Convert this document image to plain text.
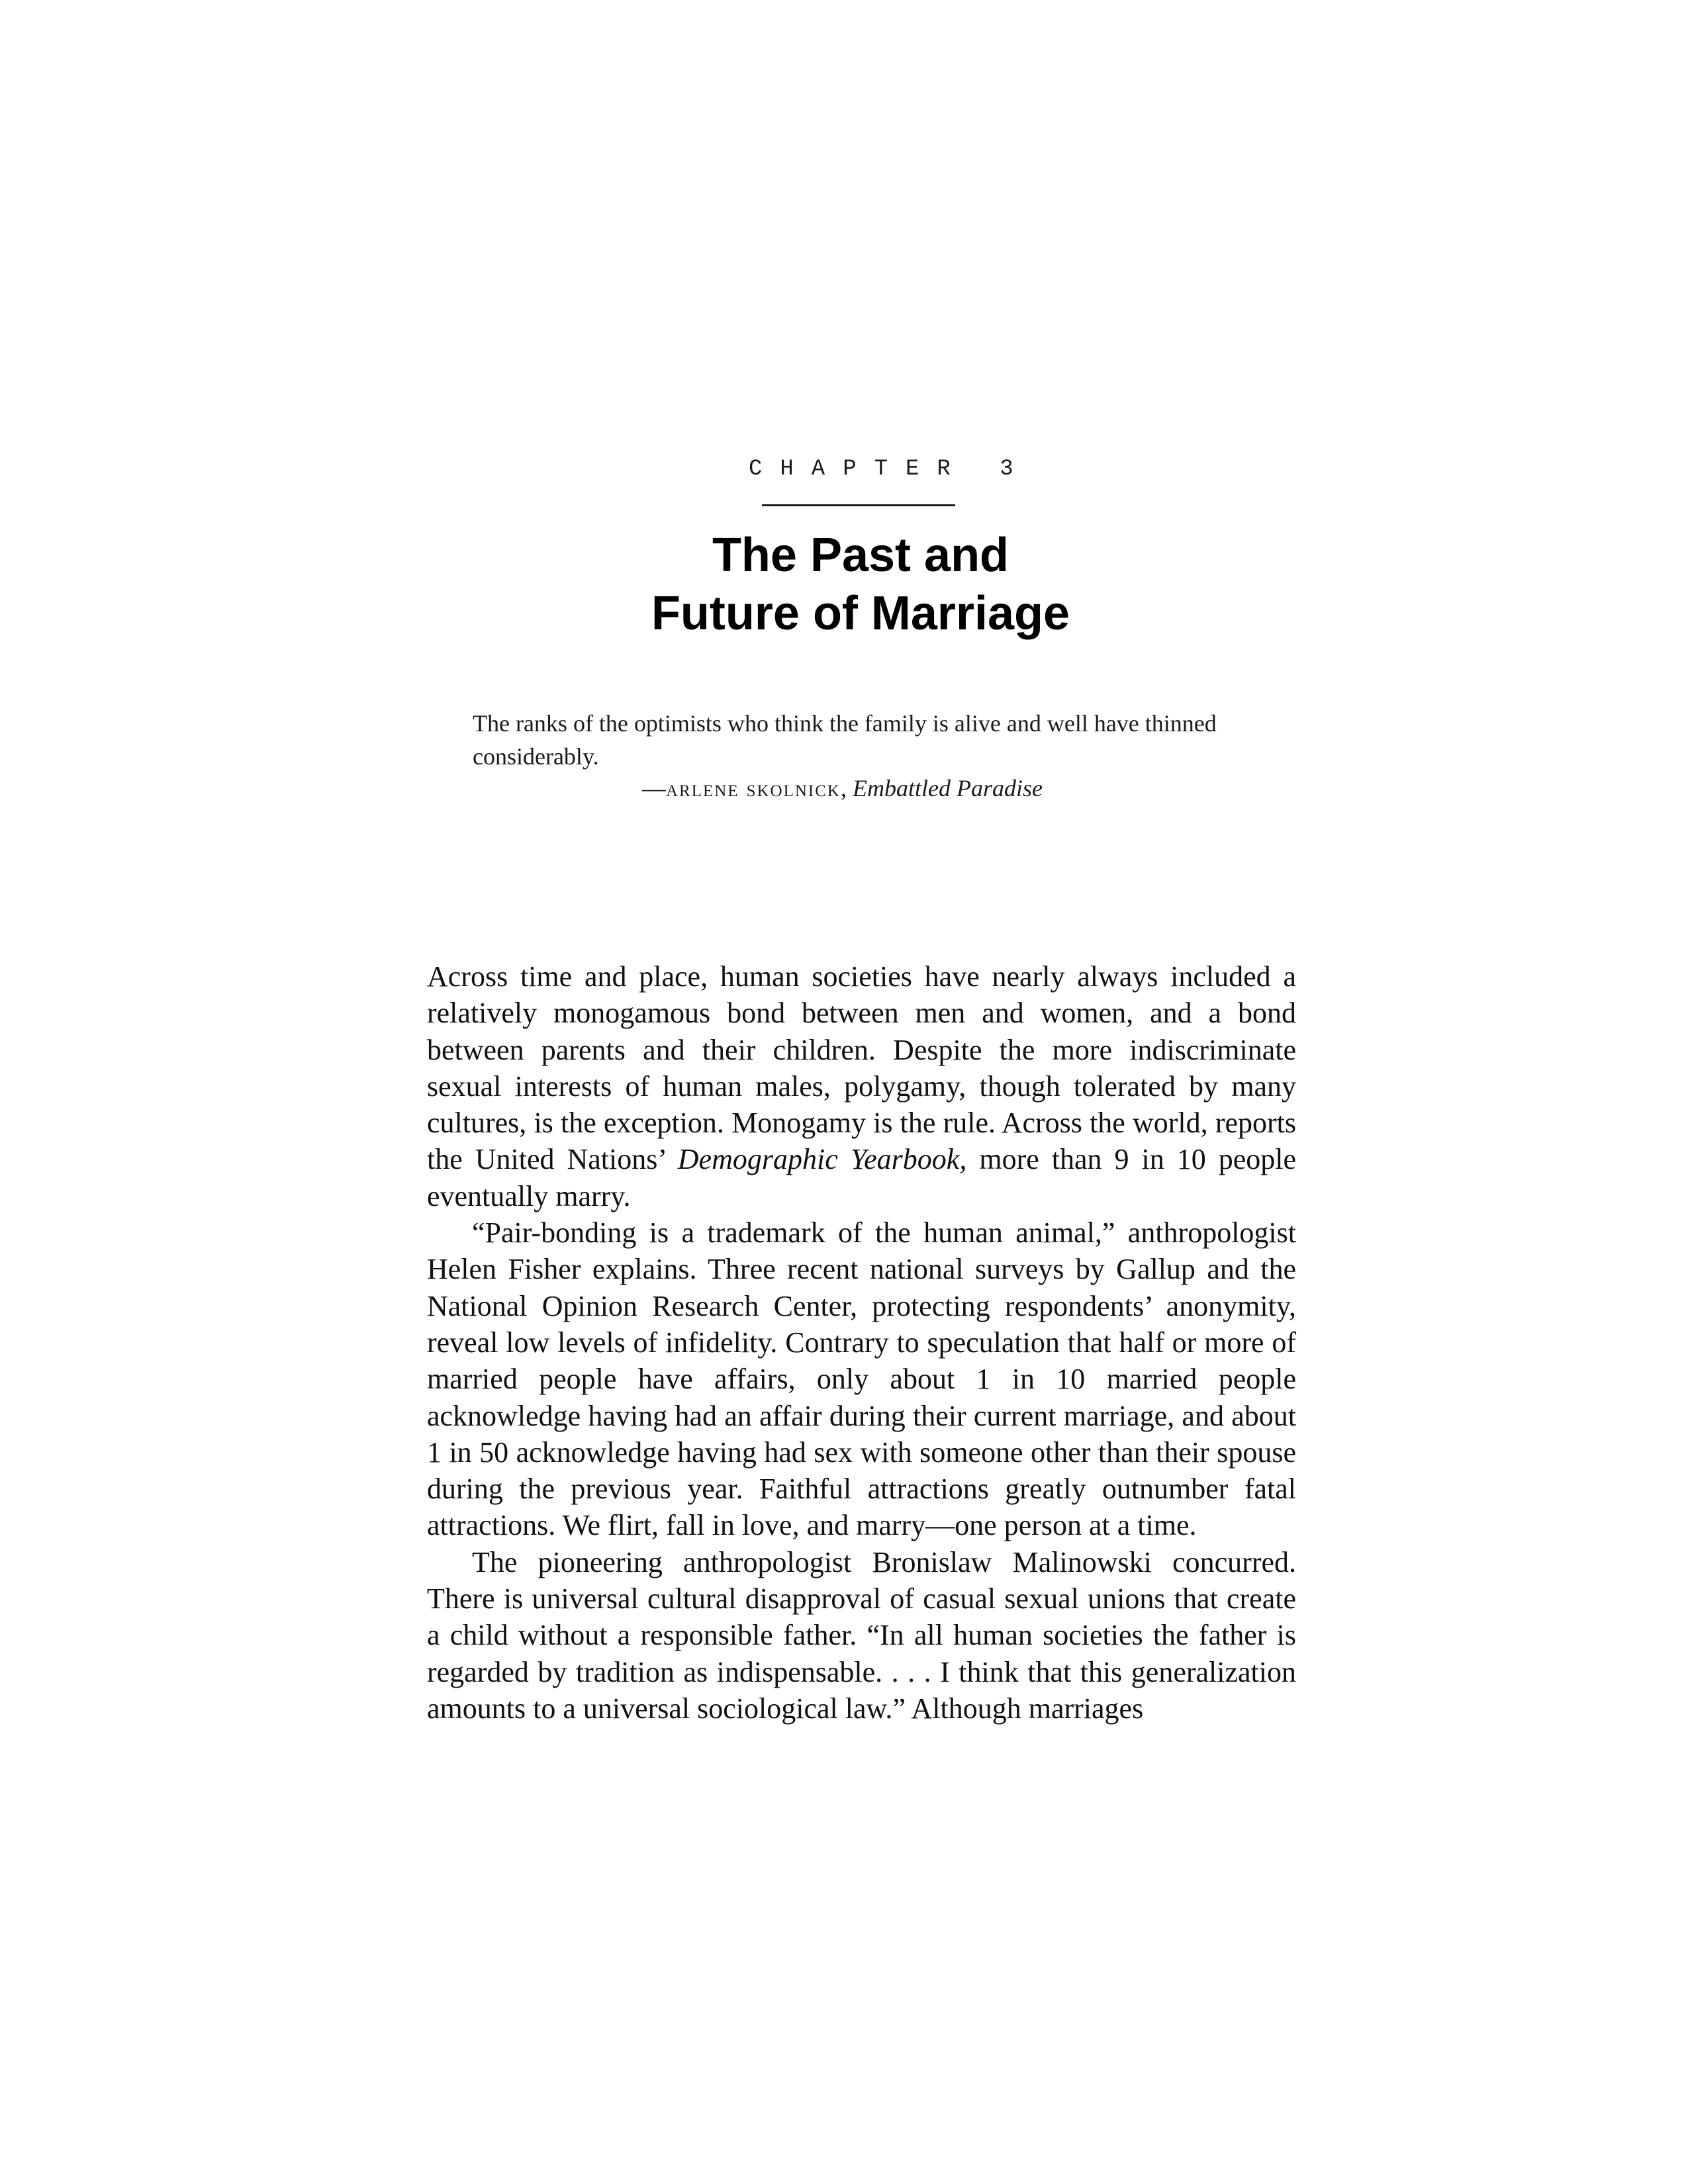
CHAPTER 3
The Past and
Future of Marriage
The ranks of the optimists who think the family is alive and well have thinned considerably.
—arlene skolnick, Embattled Paradise

Across time and place, human societies have nearly always included a relatively monogamous bond between men and women, and a bond between parents and their children. Despite the more indiscriminate sexual interests of human males, polygamy, though tolerated by many cultures, is the exception. Monogamy is the rule. Across the world, reports the United Nations’ Demographic Yearbook, more than 9 in 10 people eventually marry.

“Pair-bonding is a trademark of the human animal,” anthropologist Helen Fisher explains. Three recent national surveys by Gallup and the National Opinion Research Center, protecting respondents’ anonymity, reveal low levels of infidelity. Contrary to speculation that half or more of married people have affairs, only about 1 in 10 married people acknowledge having had an affair during their current marriage, and about 1 in 50 acknowledge having had sex with someone other than their spouse during the previous year. Faithful attractions greatly outnumber fatal attractions. We flirt, fall in love, and marry—one person at a time.

The pioneering anthropologist Bronislaw Malinowski concurred. There is universal cultural disapproval of casual sexual unions that create a child without a responsible father. “In all human societies the father is regarded by tradition as indispensable. . . . I think that this generalization amounts to a universal sociological law.” Although marriages
